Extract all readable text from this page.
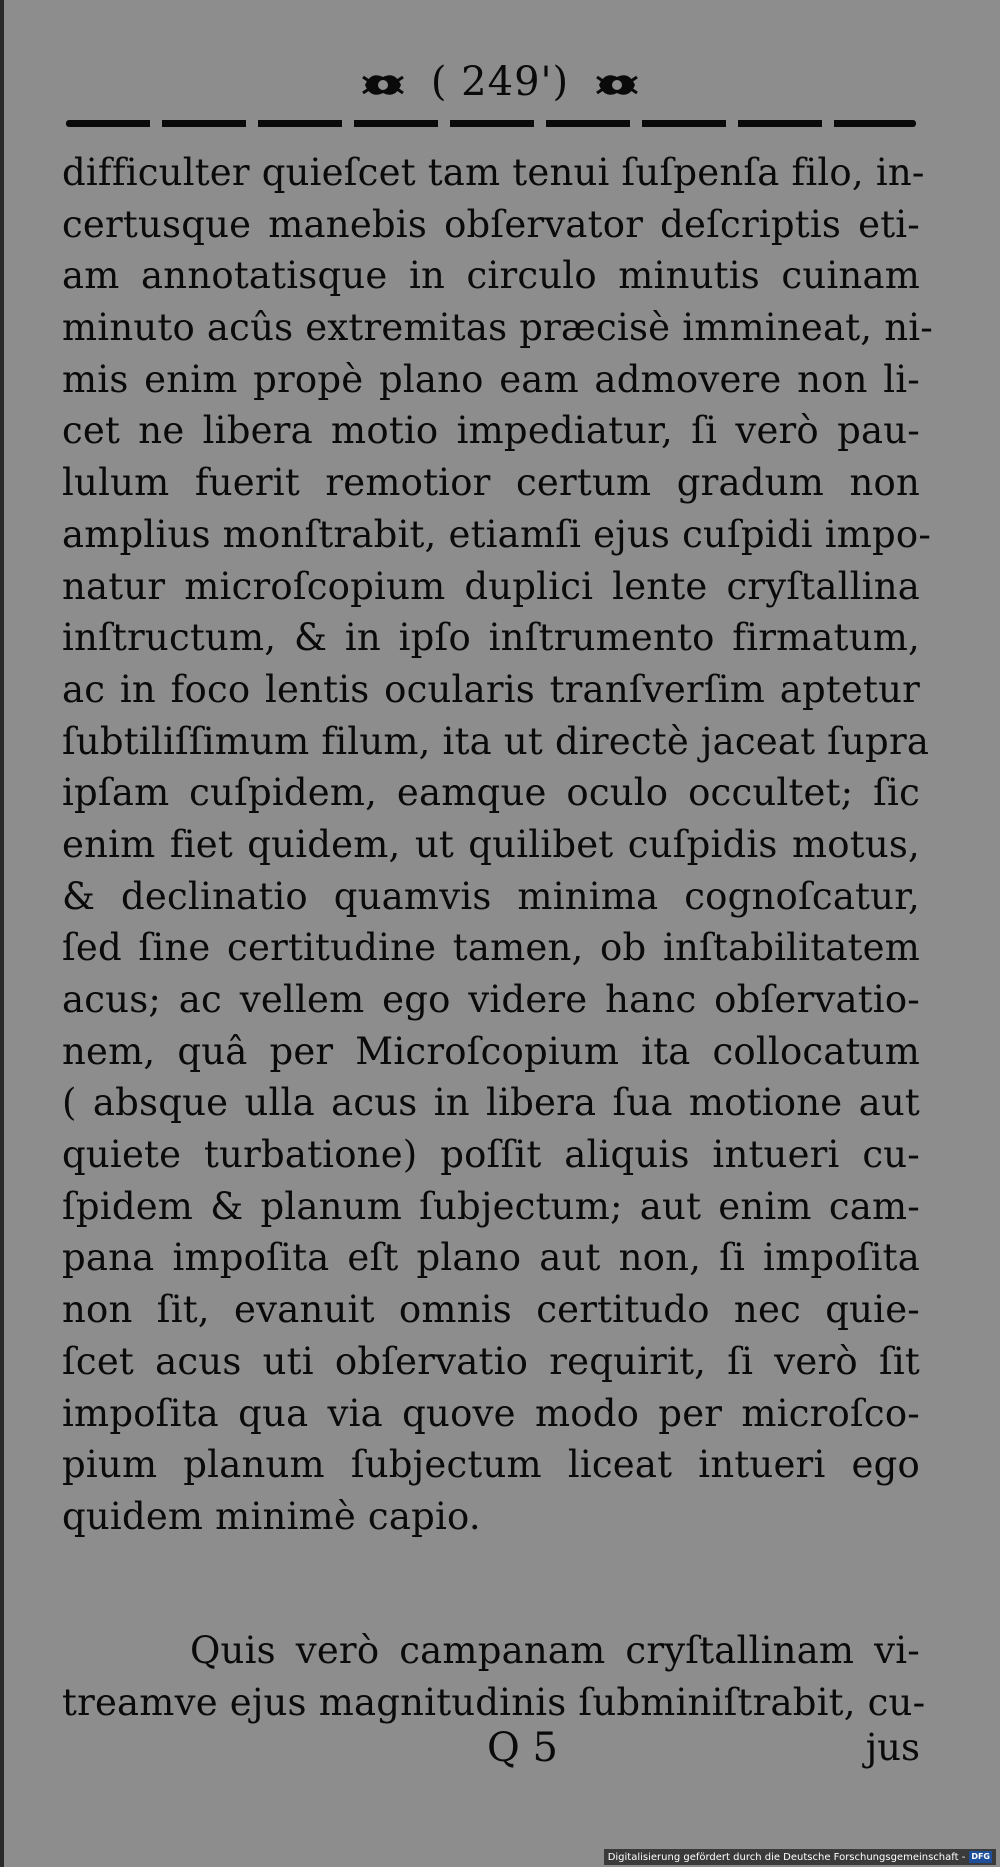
( 249')
difficulter quieſcet tam tenui ſuſpenſa filo, in-
certusque manebis obſervator deſcriptis eti-
am annotatisque in circulo minutis cuinam
minuto acûs extremitas præcisè immineat, ni-
mis enim propè plano eam admovere non li-
cet ne libera motio impediatur, ſi verò pau-
lulum fuerit remotior certum gradum non
amplius monſtrabit, etiamſi ejus cuſpidi impo-
natur microſcopium duplici lente cryſtallina
inſtructum, & in ipſo inſtrumento firmatum,
ac in foco lentis ocularis tranſverſim aptetur
ſubtiliſſimum filum, ita ut directè jaceat ſupra
ipſam cuſpidem, eamque oculo occultet; ſic
enim fiet quidem, ut quilibet cuſpidis motus,
& declinatio quamvis minima cognoſcatur,
ſed ſine certitudine tamen, ob inſtabilitatem
acus; ac vellem ego videre hanc obſervatio-
nem, quâ per Microſcopium ita collocatum
( absque ulla acus in libera ſua motione aut
quiete turbatione) poſſit aliquis intueri cu-
ſpidem & planum ſubjectum; aut enim cam-
pana impoſita eſt plano aut non, ſi impoſita
non ſit, evanuit omnis certitudo nec quie-
ſcet acus uti obſervatio requirit, ſi verò ſit
impoſita qua via quove modo per microſco-
pium planum ſubjectum liceat intueri ego
quidem minimè capio.
Quis verò campanam cryſtallinam vi-
treamve ejus magnitudinis ſubminiſtrabit, cu-
Q 5	jus
Digitalisierung gefördert durch die Deutsche Forschungsgemeinschaft - DFG
